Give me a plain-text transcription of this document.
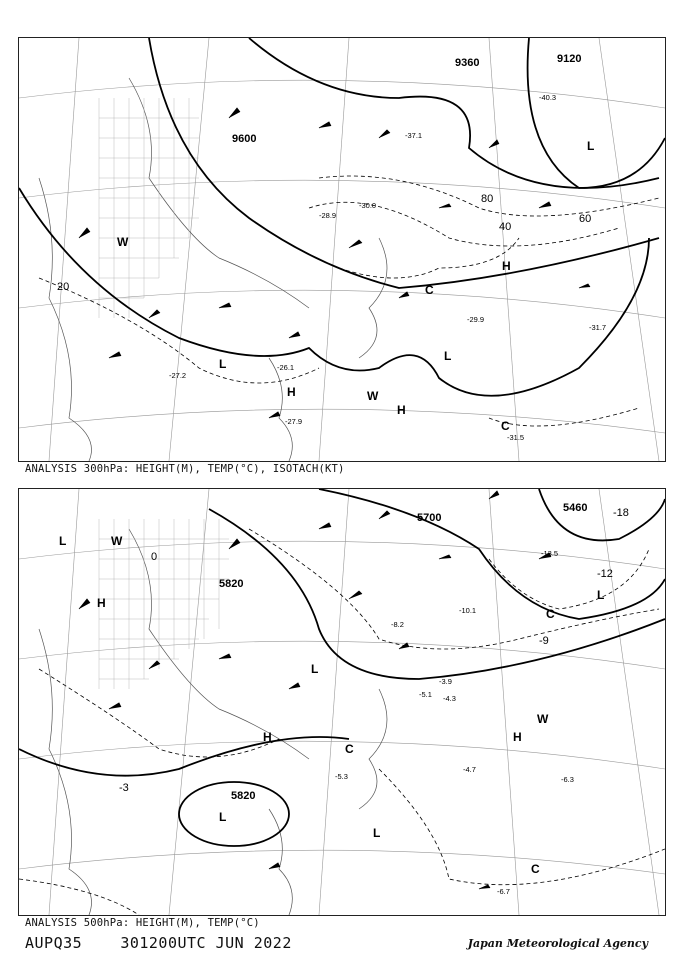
9600
9360	9120
20
40
60
80
H
H
H
L
L
L
W
W
C
C
-31.5
-29.9
-31.7
-27.9
-26.1
-28.9
-27.2
-30.0
-37.1
-40.3
ANALYSIS 300hPa: HEIGHT(M), TEMP(°C), ISOTACH(KT)
5820
5820
5700
5460
-3
-9
-12
-18
0
H
H	H
L
L
L
L
L
W
W
C
C
C
-4.7
-6.3
-6.7
-5.3
-5.1 -4.3
-3.9
-8.2
-10.1
-13.5
ANALYSIS 500hPa: HEIGHT(M), TEMP(°C)
AUPQ35	301200UTC JUN 2022	Japan Meteorological Agency
